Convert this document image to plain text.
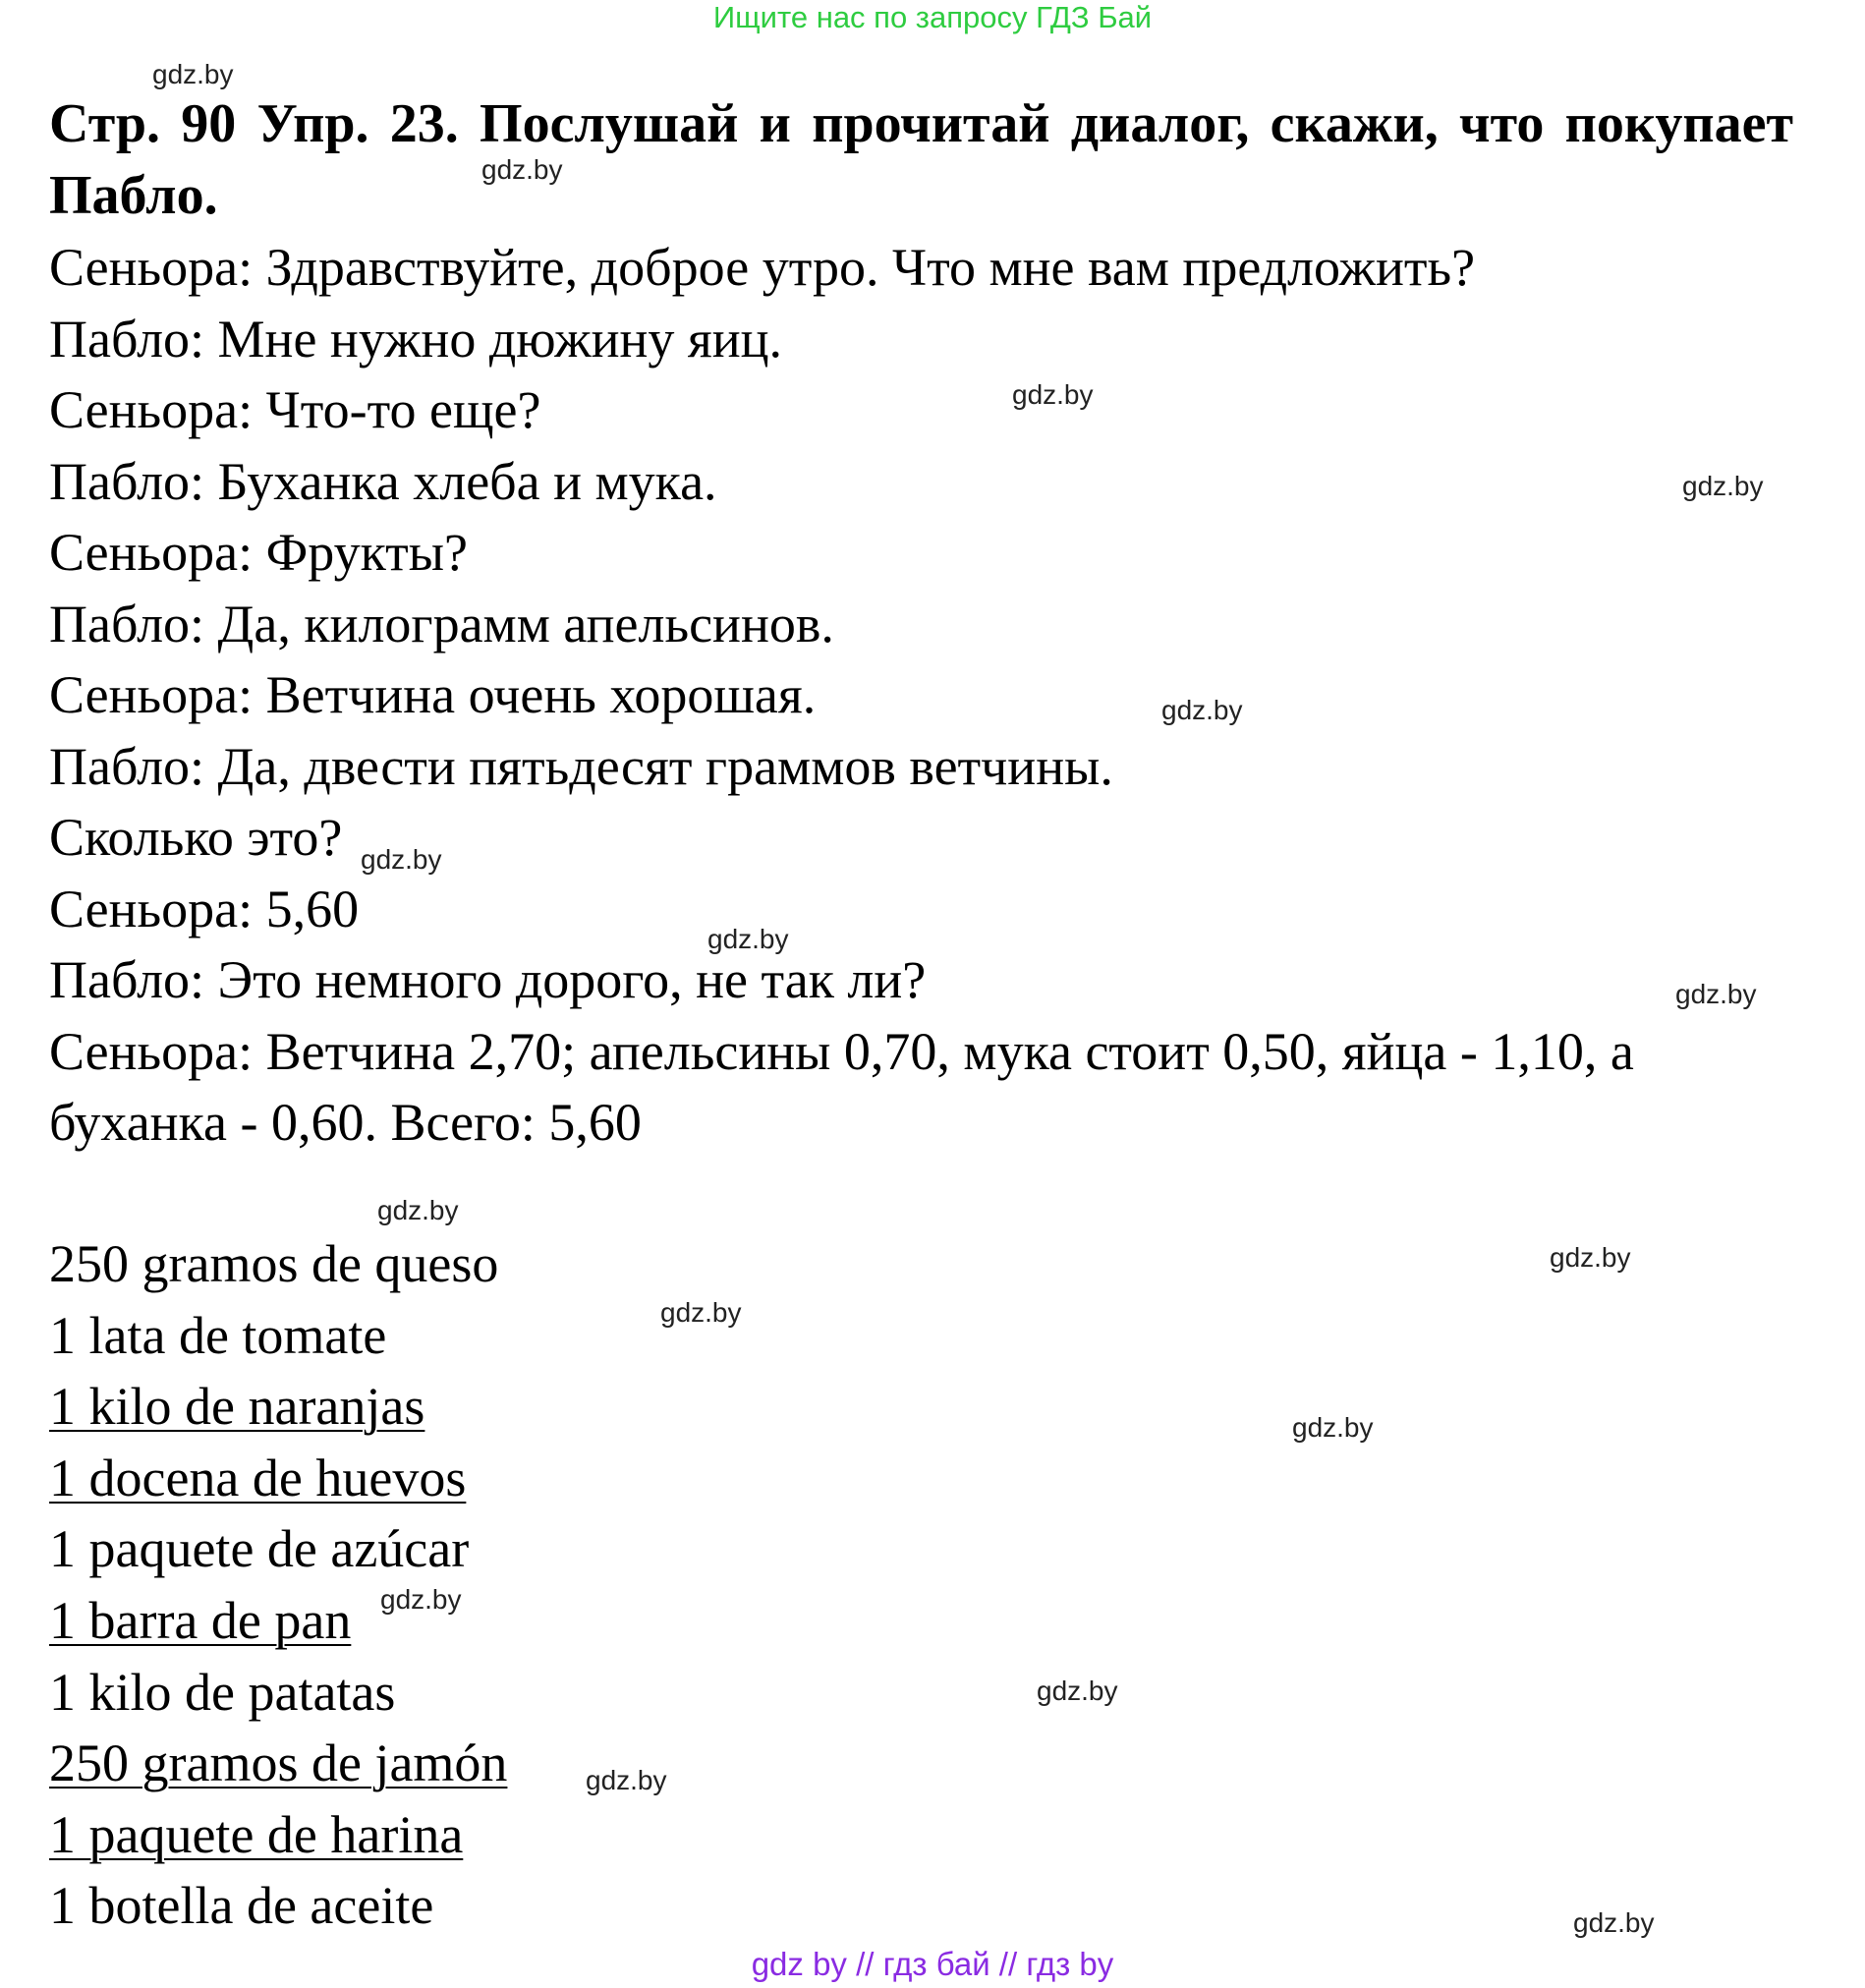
Ищите нас по запросу ГДЗ Бай
Стр. 90 Упр. 23. Послушай и прочитай диалог, скажи, что покупает Пабло.
Сеньора: Здравствуйте, доброе утро. Что мне вам предложить?
Пабло: Мне нужно дюжину яиц.
Сеньора: Что-то еще?
Пабло: Буханка хлеба и мука.
Сеньора: Фрукты?
Пабло: Да, килограмм апельсинов.
Сеньора: Ветчина очень хорошая.
Пабло: Да, двести пятьдесят граммов ветчины.
Сколько это?
Сеньора: 5,60
Пабло: Это немного дорого, не так ли?
Сеньора: Ветчина 2,70; апельсины 0,70, мука стоит 0,50, яйца - 1,10, а буханка - 0,60. Всего: 5,60
250 gramos de queso
1 lata de tomate
1 kilo de naranjas
1 docena de huevos
1 paquete de azúcar
1 barra de pan
1 kilo de patatas
250 gramos de jamón
1 paquete de harina
1 botella de aceite
gdz.by
gdz.by
gdz.by
gdz.by
gdz.by
gdz.by
gdz.by
gdz.by
gdz.by
gdz.by
gdz.by
gdz.by
gdz.by
gdz.by
gdz.by
gdz.by
gdz by // гдз бай // гдз by
